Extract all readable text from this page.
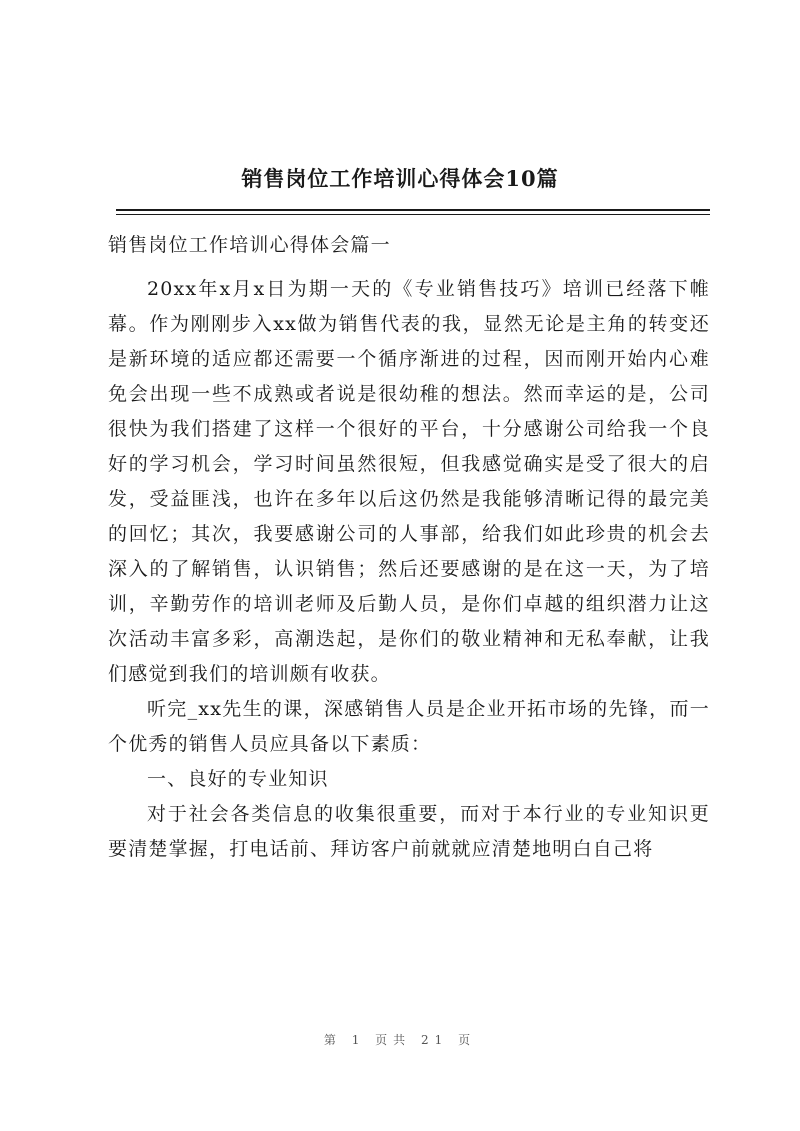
销售岗位工作培训心得体会10篇

销售岗位工作培训心得体会篇一

20xx年x月x日为期一天的《专业销售技巧》培训已经落下帷幕。作为刚刚步入xx做为销售代表的我，显然无论是主角的转变还是新环境的适应都还需要一个循序渐进的过程，因而刚开始内心难免会出现一些不成熟或者说是很幼稚的想法。然而幸运的是，公司很快为我们搭建了这样一个很好的平台，十分感谢公司给我一个良好的学习机会，学习时间虽然很短，但我感觉确实是受了很大的启发，受益匪浅，也许在多年以后这仍然是我能够清晰记得的最完美的回忆；其次，我要感谢公司的人事部，给我们如此珍贵的机会去深入的了解销售，认识销售；然后还要感谢的是在这一天，为了培训，辛勤劳作的培训老师及后勤人员，是你们卓越的组织潜力让这次活动丰富多彩，高潮迭起，是你们的敬业精神和无私奉献，让我们感觉到我们的培训颇有收获。

听完_xx先生的课，深感销售人员是企业开拓市场的先锋，而一个优秀的销售人员应具备以下素质：

一、良好的专业知识

对于社会各类信息的收集很重要，而对于本行业的专业知识更要清楚掌握，打电话前、拜访客户前就就应清楚地明白自己将

第 1 页共 21 页
